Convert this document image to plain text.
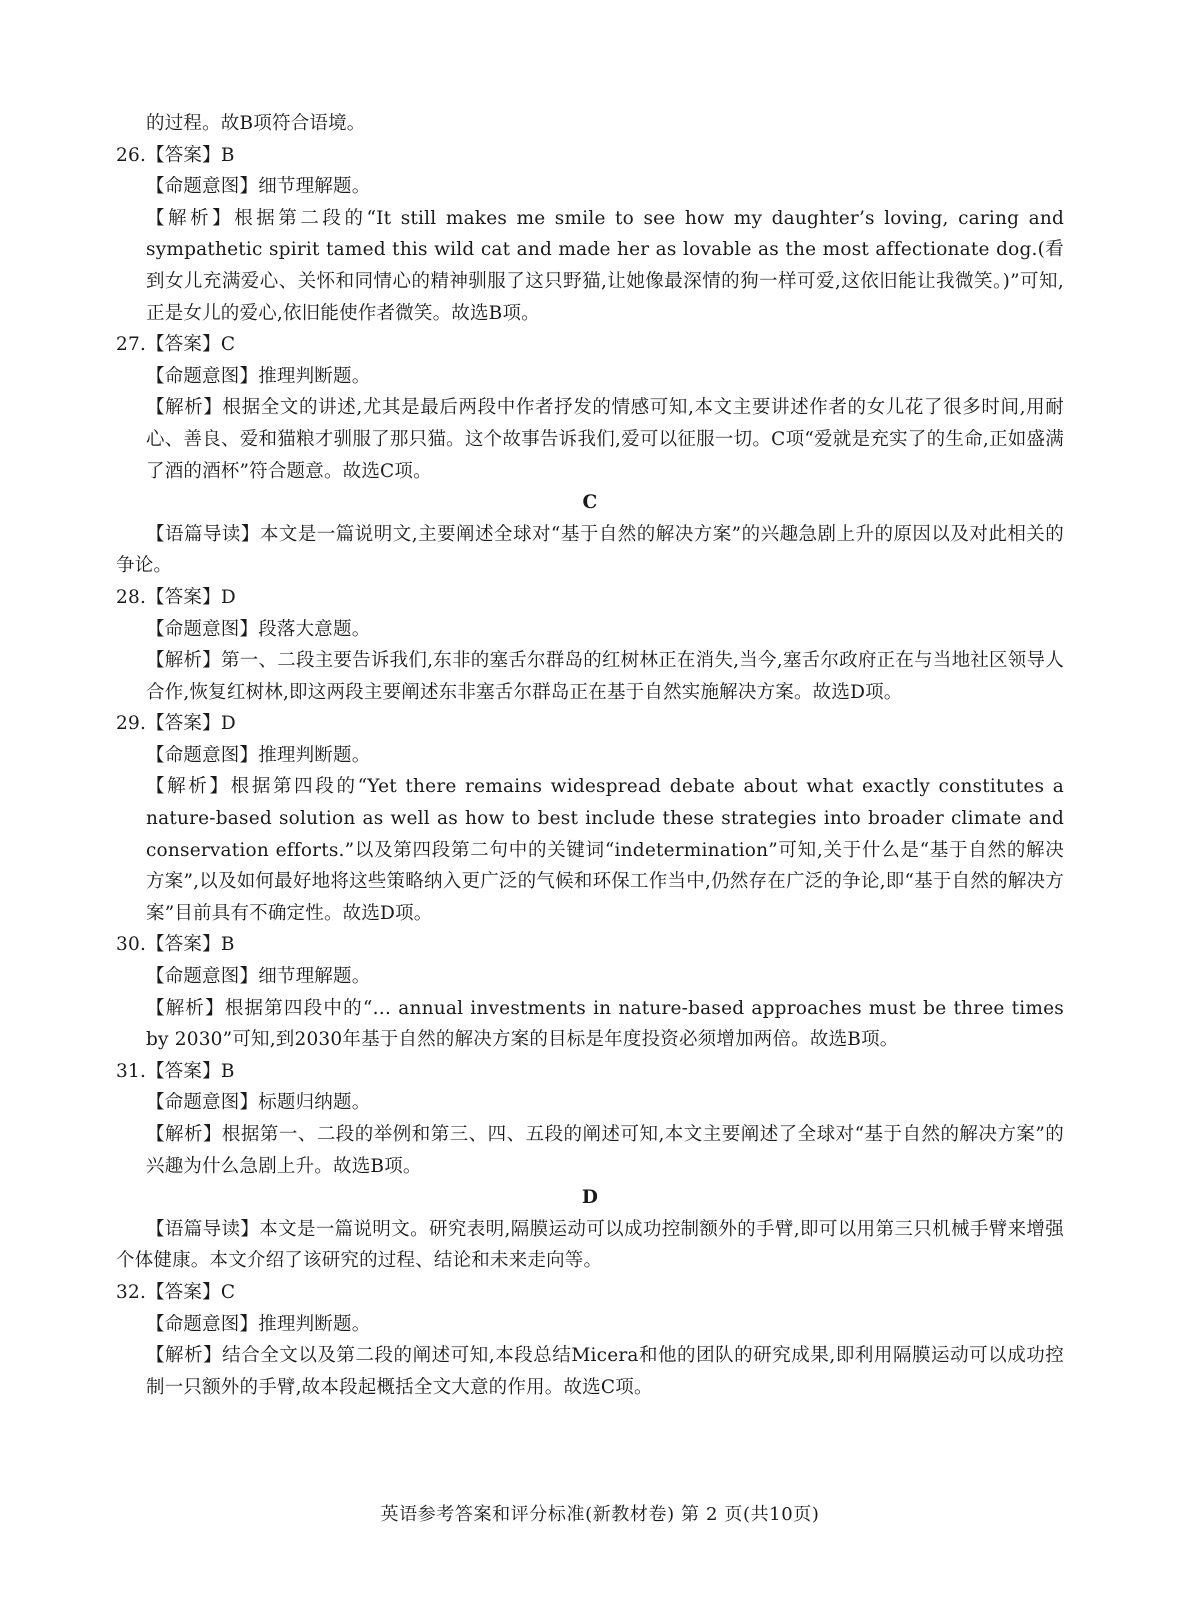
的过程。故B项符合语境。
26.【答案】B
【命题意图】细节理解题。
【解析】根据第二段的“It still makes me smile to see how my daughter’s loving, caring and sympathetic spirit tamed this wild cat and made her as lovable as the most affectionate dog.(看到女儿充满爱心、关怀和同情心的精神驯服了这只野猫,让她像最深情的狗一样可爱,这依旧能让我微笑。)”可知,正是女儿的爱心,依旧能使作者微笑。故选B项。
27.【答案】C
【命题意图】推理判断题。
【解析】根据全文的讲述,尤其是最后两段中作者抒发的情感可知,本文主要讲述作者的女儿花了很多时间,用耐心、善良、爱和猫粮才驯服了那只猫。这个故事告诉我们,爱可以征服一切。C项“爱就是充实了的生命,正如盛满了酒的酒杯”符合题意。故选C项。
C
【语篇导读】本文是一篇说明文,主要阐述全球对“基于自然的解决方案”的兴趣急剧上升的原因以及对此相关的争论。
28.【答案】D
【命题意图】段落大意题。
【解析】第一、二段主要告诉我们,东非的塞舌尔群岛的红树林正在消失,当今,塞舌尔政府正在与当地社区领导人合作,恢复红树林,即这两段主要阐述东非塞舌尔群岛正在基于自然实施解决方案。故选D项。
29.【答案】D
【命题意图】推理判断题。
【解析】根据第四段的“Yet there remains widespread debate about what exactly constitutes a nature-based solution as well as how to best include these strategies into broader climate and conservation efforts.”以及第四段第二句中的关键词“indetermination”可知,关于什么是“基于自然的解决方案”,以及如何最好地将这些策略纳入更广泛的气候和环保工作当中,仍然存在广泛的争论,即“基于自然的解决方案”目前具有不确定性。故选D项。
30.【答案】B
【命题意图】细节理解题。
【解析】根据第四段中的“… annual investments in nature-based approaches must be three times by 2030”可知,到2030年基于自然的解决方案的目标是年度投资必须增加两倍。故选B项。
31.【答案】B
【命题意图】标题归纳题。
【解析】根据第一、二段的举例和第三、四、五段的阐述可知,本文主要阐述了全球对“基于自然的解决方案”的兴趣为什么急剧上升。故选B项。
D
【语篇导读】本文是一篇说明文。研究表明,隔膜运动可以成功控制额外的手臂,即可以用第三只机械手臂来增强个体健康。本文介绍了该研究的过程、结论和未来走向等。
32.【答案】C
【命题意图】推理判断题。
【解析】结合全文以及第二段的阐述可知,本段总结Micera和他的团队的研究成果,即利用隔膜运动可以成功控制一只额外的手臂,故本段起概括全文大意的作用。故选C项。
英语参考答案和评分标准(新教材卷) 第 2 页(共10页)
